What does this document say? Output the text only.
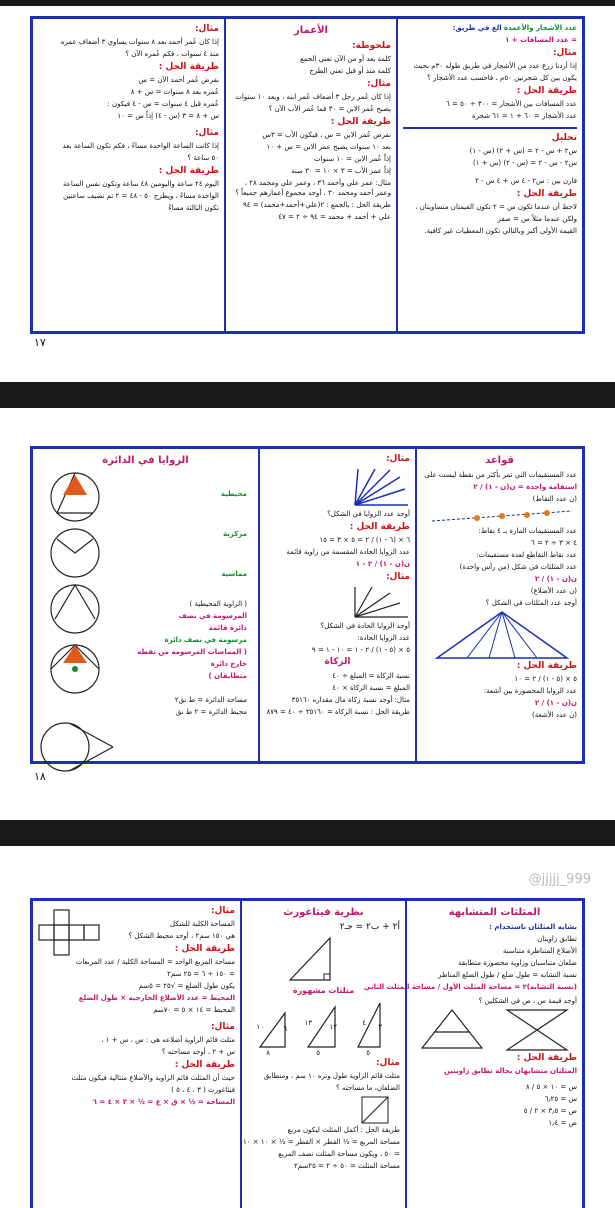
عدد الأشجار والأعمدة الغ في طريق:
= عدد المسافات + ١
مثال:
إذا أردنا زرع عدد من الأشجار في طريق طوله ٣٠م بحيث
يكون بين كل شجرتين ٥٠م ، فاحسب عدد الأشجار ؟
طريقة الحل :
عدد المسافات بين الأشجار = ٣٠٠ ÷ ٥٠ = ٦
عدد الأشجار = ٦٠ + ١ = ٦١ شجرة
تحليل
س٢ + س - ٢ = (س + ٢) (س - ١)
س٢ - س - ٢ = (س - ٢) (س + ١)
فارن بين : س٢ - ٤ س + ٤ س - ٢
طريقة الحل :
لاحظ أن عندما تكون س = ٢ تكون القيمتان متساويتان ،
ولكن عندما مثلاً س = صفر
القيمة الأولى أكبر وبالتالي تكون المعطيات غير كافية.
الأعمار
ملحوظة:
كلمة بعد أو من الآن تعني الجمع
كلمة منذ أو قبل تعني الطرح
مثال:
إذا كان عُمر رجل ٣ أضعاف عُمر ابنه ، وبعد ١٠ سنوات
يصبح عُمر الابن = ٣٠ فما عُمر الأب الآن ؟
طريقة الحل :
نفرض عُمر الابن = س ، فيكون الأب = ٣س
بعد ١٠ سنوات يصبح عمر الابن = س + ١٠
إذاً عُمر الابن = ١٠ سنوات
إذاً عمر الأب = ٣ × ١٠ = ٣٠ سنة
مثال: عمر علي وأحمد ٣٦ ، وعمر علي ومحمد ٢٨ ، وعمر أحمد ومحمد ٣٠ . أوجد مجموع أعمارهم جميعاً ؟
طريقة الحل : بالجمع : ٢(علي+أحمد+محمد) = ٩٤
علي + أحمد + محمد = ٩٤ ÷ ٢ = ٤٧
مثال:
إذا كان عُمر أحمد بعد ٨ سنوات يساوي ٣ أضعاف عمره
منذ ٤ سنوات ، فكم عُمره الآن ؟
طريقة الحل :
نفرض عُمر أحمد الآن = س
عُمره بعد ٨ سنوات = س + ٨
عُمره قبل ٤ سنوات = س - ٤ فيكون :
س + ٨ = ٣ (س - ٤) إذاً س = ١٠
مثال:
إذا كانت الساعة الواحدة مساءً ، فكم تكون الساعة بعد
٥٠ ساعة ؟
طريقة الحل :
اليوم ٢٤ ساعة واليومين ٤٨ ساعة وتكون نفس الساعة
الواحدة مساءً ، ويطرح ٥٠ - ٤٨ = ٢ تم تضيف ساعتين
تكون الثالثة مساءً
١٧
قواعد
عدد المستقيمات التي تمر بأكثر من نقطة ليست على
استقامة واحدة = ن(ن - ١) / ٢
(ن عدد النقاط)
عدد المستقيمات المارة بـ ٤ نقاط:
٤ × ٣ ÷ ٢ = ٦
عدد نقاط التقاطع لعدة مستقيمات:
عدد المثلثات في شكل (من رأس واحدة)
ن(ن - ١) / ٢
(ن عدد الأضلاع)
أوجد عدد المثلثات في الشكل ؟
طريقة الحل :
٥ × (٥ - ١) / ٢ = ١٠
عدد الزوايا المحصورة بين أشعة:
ن(ن - ١) / ٢
(ن عدد الأشعة)
مثال:
أوجد عدد الزوايا في الشكل؟
طريقة الحل :
٦ × (٦ - ١) / ٢ = ٥ × ٣ = ١٥
عدد الزوايا الحادة المقسمة من زاوية قائمة
ن(ن - ١) / ٢ - ١
مثال:
أوجد الزوايا الحادة في الشكل؟
عدد الزوايا الحادة:
٥ × (٥ - ١) / ٢ - ١ = ١٠ - ١ = ٩
الزكاة
نسبة الزكاة = المبلغ ÷ ٤٠
المبلغ = نسبة الزكاة × ٤٠
مثال: أوجد نسبة زكاة مال مقداره ٣٥١٦٠
طريقة الحل : نسبة الزكاة = ٣٥١٦٠ ÷ ٤٠ = ٨٧٩
الزوايا في الدائرة
محيطية
مركزية
مماسية
( الزاوية المحيطية )
المرسومة في نصف
دائرة قائمة
مرسومة في نصف دائرة
( المماسات المرسومة من نقطة
خارج دائرة
متطابقان )
مساحة الدائرة = ط نق٢
محيط الدائرة = ٢ ط نق
١٨
@jjjjj_999
المثلثات المتشابهة
بشابه المثلثان باستخدام :
تطابق زاويتان
الأضلاع المتناظرة متناسبة
ضلعان متناسبان وزاوية محصورة متطابقة
نسبة التشابه = طول ضلع / طول الضلع المناظر
(نسبة التشابه)٢ = مساحة المثلث الأول / مساحة المثلث الثاني
أوجد قيمة س ، ص في الشكلين ؟
طريقة الحل :
المثلثان متشابهان بحالة تطابق زاويتين
س = ١٠ × ٥ / ٨
س = ٦٫٢٥
ص = ٣٫٥ × ٢ / ٥
ص = ١٫٤
نظرية فيثاغورث
أ٢ + ب٢ = جـ٢
مثلثات مشهورة
٥
٣
٤
١٣
٥
١٢
١٠	٦
٨
مثال:
مثلث قائم الزاوية طول وتره ١٠ سم ، ومنطابق
الضلعان، ما مساحته ؟
طريقة الحل : أكمل المثلث ليكون مربع
مساحة المربع = ½ القطر × القطر = ½ × ١٠ × ١٠
= ٥٠ ، ويكون مساحة المثلث نصف المربع
مساحة المثلث = ٥٠ ÷ ٢ = ٢٥سم٢
مثال:
المساحة الكلية للشكل
هي ١٥٠ سم٢ ، أوجد محيط الشكل ؟
طريقة الحل :
مساحة المربع الواحد = المساحة الكلية / عدد المربعات
= ١٥٠ ÷ ٦ = ٢٥ سم٢
يكون طول الضلع = √٢٥ = ٥سم
المحيط = عدد الأضلاع الخارجية × طول الضلع
المحيط = ١٤ × ٥ = ٧٠سم
مثال:
مثلث قائم الزاوية أضلاعه هي : س ، س + ١ ،
س + ٢ ، أوجد مساحته ؟
طريقة الحل :
حيث أن المثلث قائم الزاوية والأضلاع متتالية فيكون مثلث
فيثاغورث ( ٣ ، ٤ ، ٥ )
المساحة = ½ × ق × ع = ½ × ٣ × ٤ = ٦
